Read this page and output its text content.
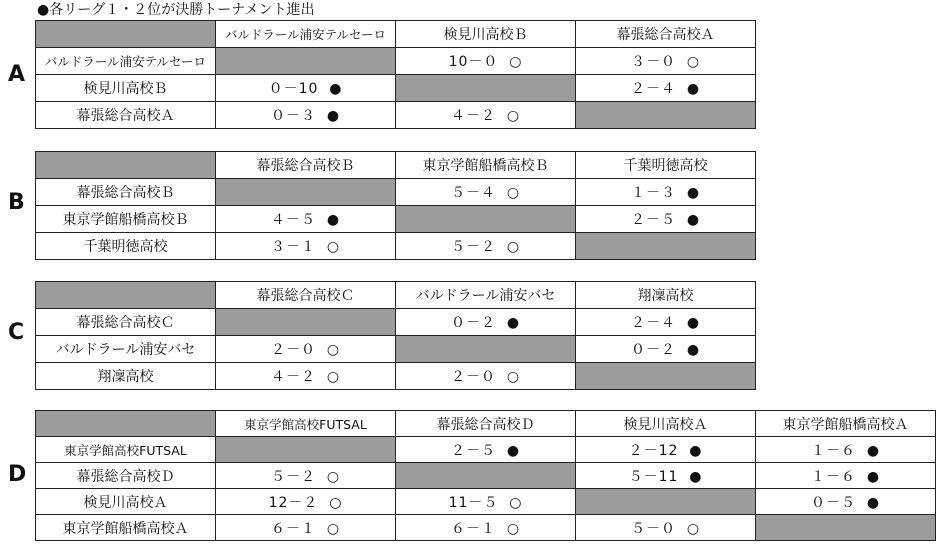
●各リーグ１・２位が決勝トーナメント進出
A
B
C
D
	バルドラール浦安テルセーロ	検見川高校Ｂ	幕張総合高校Ａ
バルドラール浦安テルセーロ		10－０ ○	３－０ ○
検見川高校Ｂ	０－10 ●		２－４ ●
幕張総合高校Ａ	０－３ ●	４－２ ○	
	幕張総合高校Ｂ	東京学館船橋高校Ｂ	千葉明徳高校
幕張総合高校Ｂ		５－４ ○	１－３ ●
東京学館船橋高校Ｂ	４－５ ●		２－５ ●
千葉明徳高校	３－１ ○	５－２ ○	
	幕張総合高校Ｃ	バルドラール浦安バセ	翔凜高校
幕張総合高校Ｃ		０－２ ●	２－４ ●
バルドラール浦安バセ	２－０ ○		０－２ ●
翔凜高校	４－２ ○	２－０ ○	
	東京学館高校FUTSAL	幕張総合高校Ｄ	検見川高校Ａ	東京学館船橋高校Ａ
東京学館高校FUTSAL		２－５ ●	２－12 ●	１－６ ●
幕張総合高校Ｄ	５－２ ○		５－11 ●	１－６ ●
検見川高校Ａ	12－２ ○	11－５ ○		０－５ ●
東京学館船橋高校Ａ	６－１ ○	６－１ ○	５－０ ○	
